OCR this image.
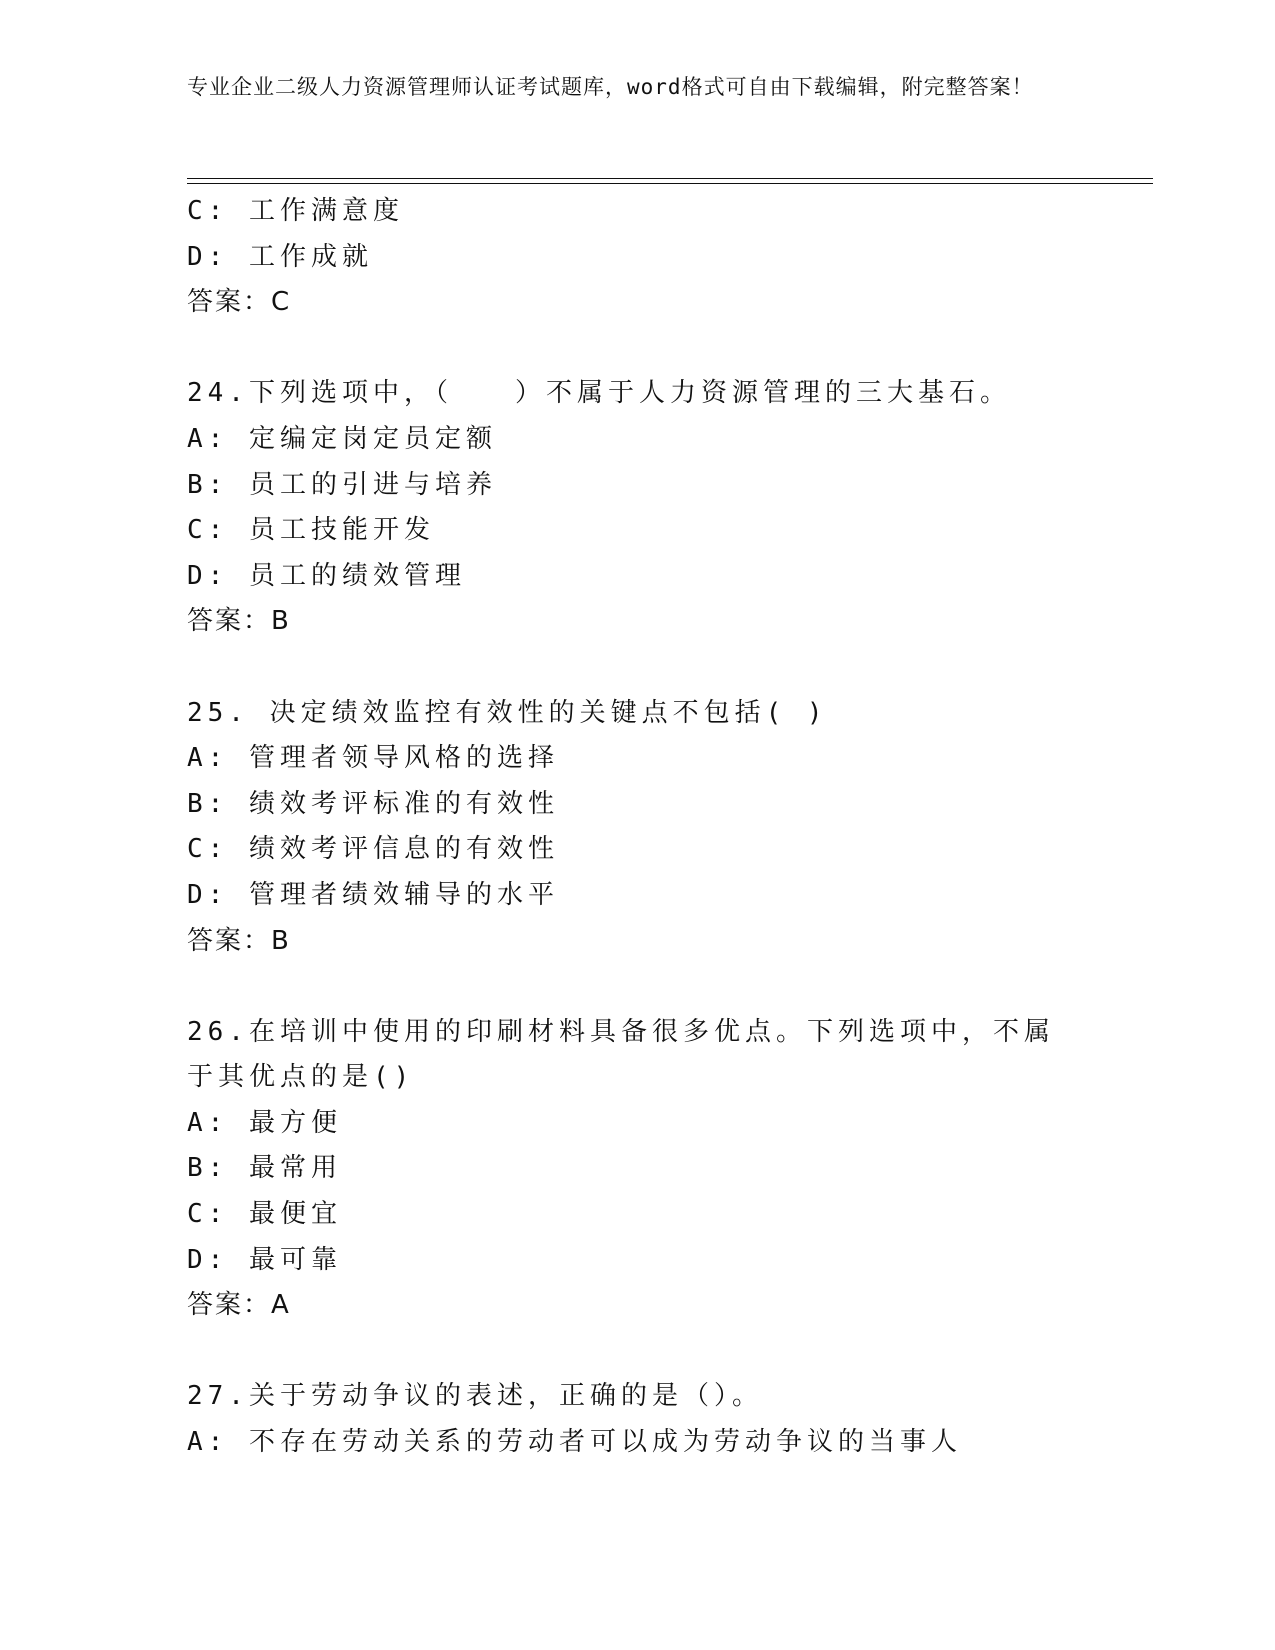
专业企业二级人力资源管理师认证考试题库，word格式可自由下载编辑，附完整答案！
C: 工作满意度
D: 工作成就
答案：C
24.下列选项中，（　　）不属于人力资源管理的三大基石。
A: 定编定岗定员定额
B: 员工的引进与培养
C: 员工技能开发
D: 员工的绩效管理
答案：B
25. 决定绩效监控有效性的关键点不包括( )
A: 管理者领导风格的选择
B: 绩效考评标准的有效性
C: 绩效考评信息的有效性
D: 管理者绩效辅导的水平
答案：B
26.在培训中使用的印刷材料具备很多优点。下列选项中，不属于其优点的是()
A: 最方便
B: 最常用
C: 最便宜
D: 最可靠
答案：A
27.关于劳动争议的表述，正确的是（）。
A: 不存在劳动关系的劳动者可以成为劳动争议的当事人
